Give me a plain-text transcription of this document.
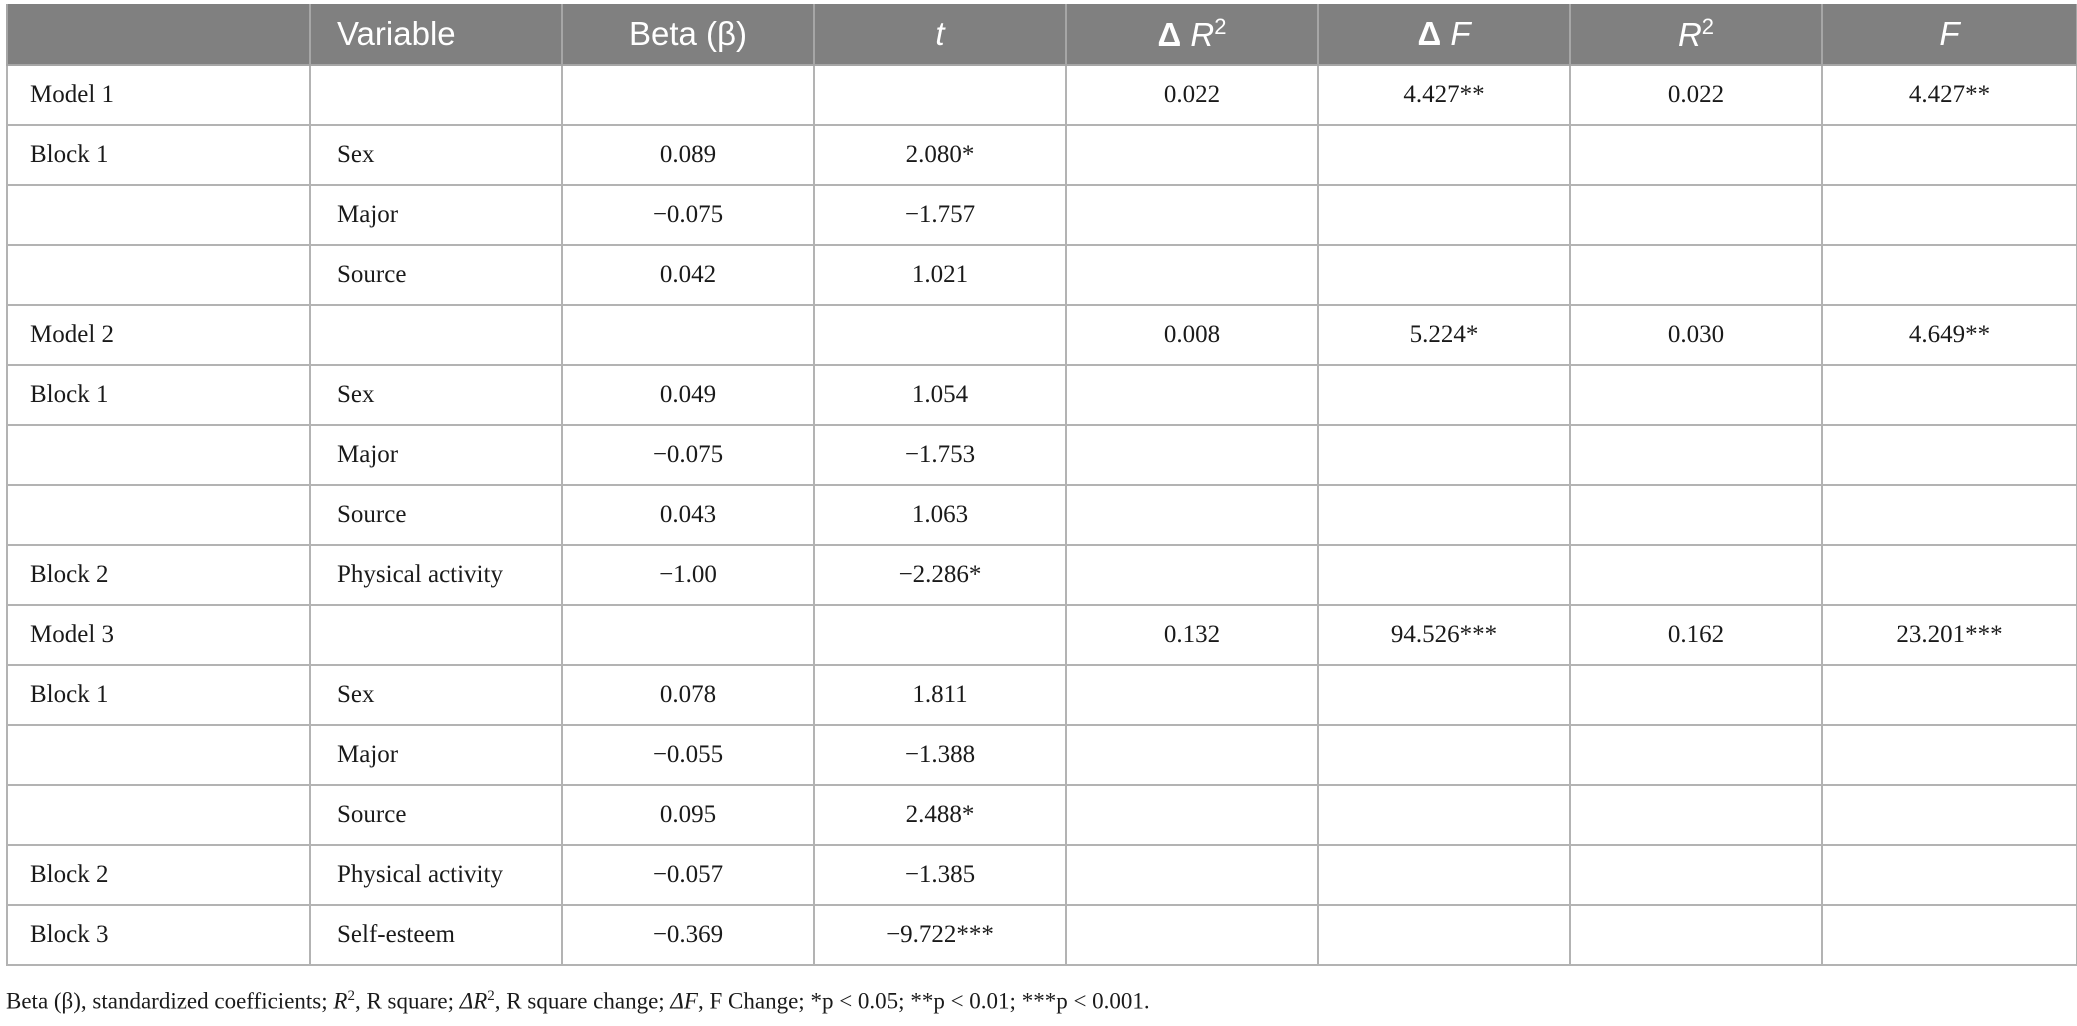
	Variable	Beta (β)	t	Δ $R^2$	Δ F	$R^2$	F
Model 1				0.022	4.427**	0.022	4.427**
Block 1	Sex	0.089	2.080*				
	Major	−0.075	−1.757				
	Source	0.042	1.021				
Model 2				0.008	5.224*	0.030	4.649**
Block 1	Sex	0.049	1.054				
	Major	−0.075	−1.753				
	Source	0.043	1.063				
Block 2	Physical activity	−1.00	−2.286*				
Model 3				0.132	94.526***	0.162	23.201***
Block 1	Sex	0.078	1.811				
	Major	−0.055	−1.388				
	Source	0.095	2.488*				
Block 2	Physical activity	−0.057	−1.385				
Block 3	Self-esteem	−0.369	−9.722***				
Beta (β), standardized coefficients; $R^2$, R square; $\Delta R^2$, R square change; ΔF, F Change; *p < 0.05; **p < 0.01; ***p < 0.001.
